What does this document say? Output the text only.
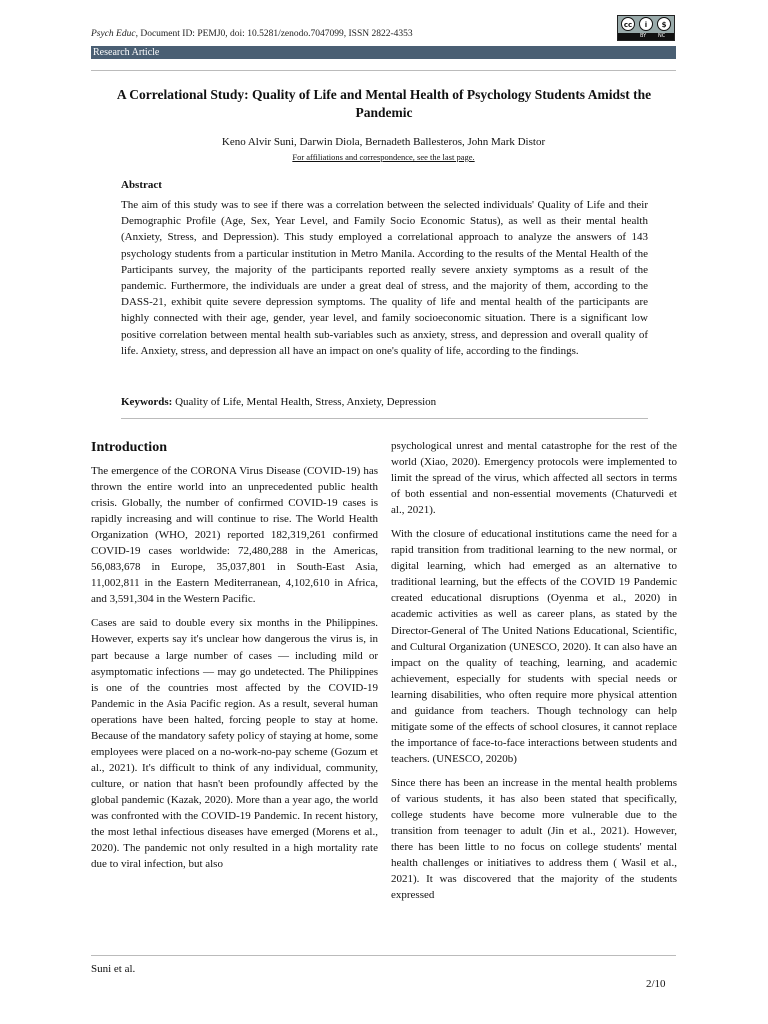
Psych Educ, Document ID: PEMJ0, doi: 10.5281/zenodo.7047099, ISSN 2822-4353
cc	i	$
BY NC
Research Article
A Correlational Study: Quality of Life and Mental Health of Psychology Students Amidst the Pandemic
Keno Alvir Suni, Darwin Diola, Bernadeth Ballesteros, John Mark Distor
For affiliations and correspondence, see the last page.
Abstract
The aim of this study was to see if there was a correlation between the selected individuals' Quality of Life and their Demographic Profile (Age, Sex, Year Level, and Family Socio Economic Status), as well as their mental health (Anxiety, Stress, and Depression). This study employed a correlational approach to analyze the answers of 143 psychology students from a particular institution in Metro Manila. According to the results of the Mental Health of the Participants survey, the majority of the participants reported really severe anxiety symptoms as a result of the pandemic. Furthermore, the individuals are under a great deal of stress, and the majority of them, according to the DASS-21, exhibit quite severe depression symptoms. The quality of life and mental health of the participants are highly connected with their age, gender, year level, and family socioeconomic situation. There is a significant low positive correlation between mental health sub-variables such as anxiety, stress, and depression and overall quality of life. Anxiety, stress, and depression all have an impact on one's quality of life, according to the findings.
Keywords: Quality of Life, Mental Health, Stress, Anxiety, Depression
Introduction

The emergence of the CORONA Virus Disease (COVID-19) has thrown the entire world into an unprecedented public health crisis. Globally, the number of confirmed COVID-19 cases is rapidly increasing and will continue to rise. The World Health Organization (WHO, 2021) reported 182,319,261 confirmed COVID-19 cases worldwide: 72,480,288 in the Americas, 56,083,678 in Europe, 35,037,801 in South-East Asia, 11,002,811 in the Eastern Mediterranean, 4,102,610 in Africa, and 3,591,304 in the Western Pacific.

Cases are said to double every six months in the Philippines. However, experts say it's unclear how dangerous the virus is, in part because a large number of cases — including mild or asymptomatic infections — may go undetected. The Philippines is one of the countries most affected by the COVID-19 Pandemic in the Asia Pacific region. As a result, several human operations have been halted, forcing people to stay at home. Because of the mandatory safety policy of staying at home, some employees were placed on a no-work-no-pay scheme (Gozum et al., 2021). It's difficult to think of any individual, community, culture, or nation that hasn't been profoundly affected by the global pandemic (Kazak, 2020). More than a year ago, the world was confronted with the COVID-19 Pandemic. In recent history, the most lethal infectious diseases have emerged (Morens et al., 2020). The pandemic not only resulted in a high mortality rate due to viral infection, but also

psychological unrest and mental catastrophe for the rest of the world (Xiao, 2020). Emergency protocols were implemented to limit the spread of the virus, which affected all sectors in terms of both essential and non-essential movements (Chaturvedi et al., 2021).

With the closure of educational institutions came the need for a rapid transition from traditional learning to the new normal, or digital learning, which had emerged as an alternative to traditional learning, but the effects of the COVID 19 Pandemic created educational disruptions (Oyenma et al., 2020) in academic activities as well as career plans, as stated by the Director-General of The United Nations Educational, Scientific, and Cultural Organization (UNESCO, 2020). It can also have an impact on the quality of teaching, learning, and academic achievement, especially for students with special needs or learning disabilities, who often require more physical attention and guidance from teachers. Though technology can help mitigate some of the effects of school closures, it cannot replace the importance of face-to-face interactions between students and teachers. (UNESCO, 2020b)

Since there has been an increase in the mental health problems of various students, it has also been stated that specifically, college students have become more vulnerable due to the transition from teenager to adult (Jin et al., 2021). However, there has been little to no focus on college students' mental health challenges or initiatives to address them ( Wasil et al., 2021). It was discovered that the majority of the students expressed

Suni et al.
2/10
